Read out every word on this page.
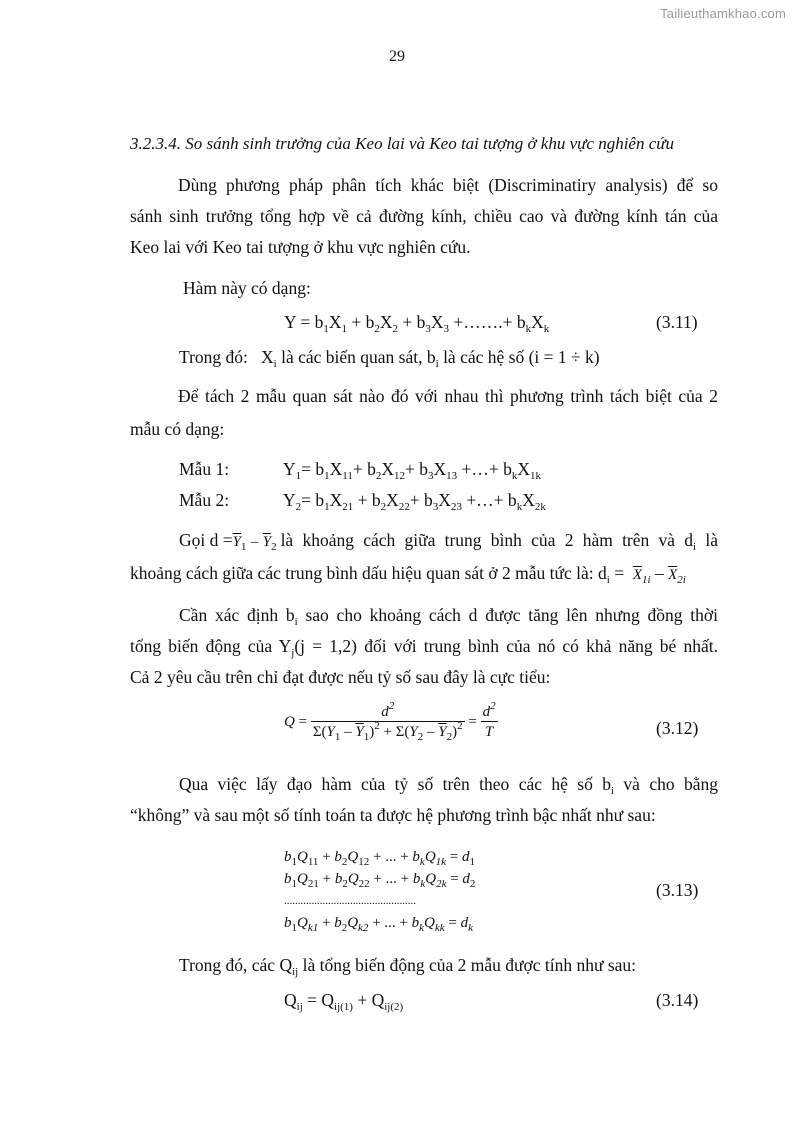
Tailieuthamkhao.com
29
3.2.3.4. So sánh sinh trưởng của Keo lai và Keo tai tượng ở khu vực nghiên cứu
Dùng phương pháp phân tích khác biệt (Discriminatiry analysis) để so
sánh sinh trưởng tổng hợp về cả đường kính, chiều cao và đường kính tán của
Keo lai với Keo tai tượng ở khu vực nghiên cứu.
Hàm này có dạng:
$Y = b_1X_1 + b_2X_2 + b_3X_3$ +…….+ $b_kX_k$	(3.11)
Trong đó:   $X_i$ là các biến quan sát, $b_i$ là các hệ số (i = 1 ÷ k)
Để tách 2 mẫu quan sát nào đó với nhau thì phương trình tách biệt của 2
mẫu có dạng:
Mẫu 1:	$Y_1= b_1X_{11}+ b_2X_{12}+ b_3X_{13}$ +…+ $b_kX_{1k}$
Mẫu 2:	$Y_2= b_1X_{21} + b_2X_{22}+ b_3X_{23}$ +…+ $b_kX_{2k}$
Gọi $d =\overline{Y}_1 - \overline{Y}_2$ là khoảng cách giữa trung bình của 2 hàm trên và $d_i$ là
khoảng cách giữa các trung bình dấu hiệu quan sát ở 2 mẫu tức là: $d_i = \overline{X}_{1i} - \overline{X}_{2i}$
Cần xác định $b_i$ sao cho khoảng cách d được tăng lên nhưng đồng thời
tổng biến động của $Y_j(j = 1,2)$ đối với trung bình của nó có khả năng bé nhất.
Cả 2 yêu cầu trên chỉ đạt được nếu tỷ số sau đây là cực tiểu:
$Q = \frac{d^2}{\Sigma(Y_1 - \overline{Y}_1)^2 + \Sigma(Y_2 - \overline{Y}_2)^2} = \frac{d^2}{T}$	(3.12)
Qua việc lấy đạo hàm của tỷ số trên theo các hệ số $b_i$ và cho bằng
“không” và sau một số tính toán ta được hệ phương trình bậc nhất như sau:
$b_1Q_{11} + b_2Q_{12}$ + ... + $b_kQ_{1k} = d_1$
$b_1Q_{21} + b_2Q_{22}$ + ... + $b_kQ_{2k} = d_2$
................................................
$b_1Q_{k1} + b_2Q_{k2}$ + ... + $b_kQ_{kk} = d_k$
(3.13)
Trong đó, các $Q_{ij}$ là tổng biến động của 2 mẫu được tính như sau:
$Q_{ij} = Q_{ij(1)} + Q_{ij(2)}$	(3.14)
